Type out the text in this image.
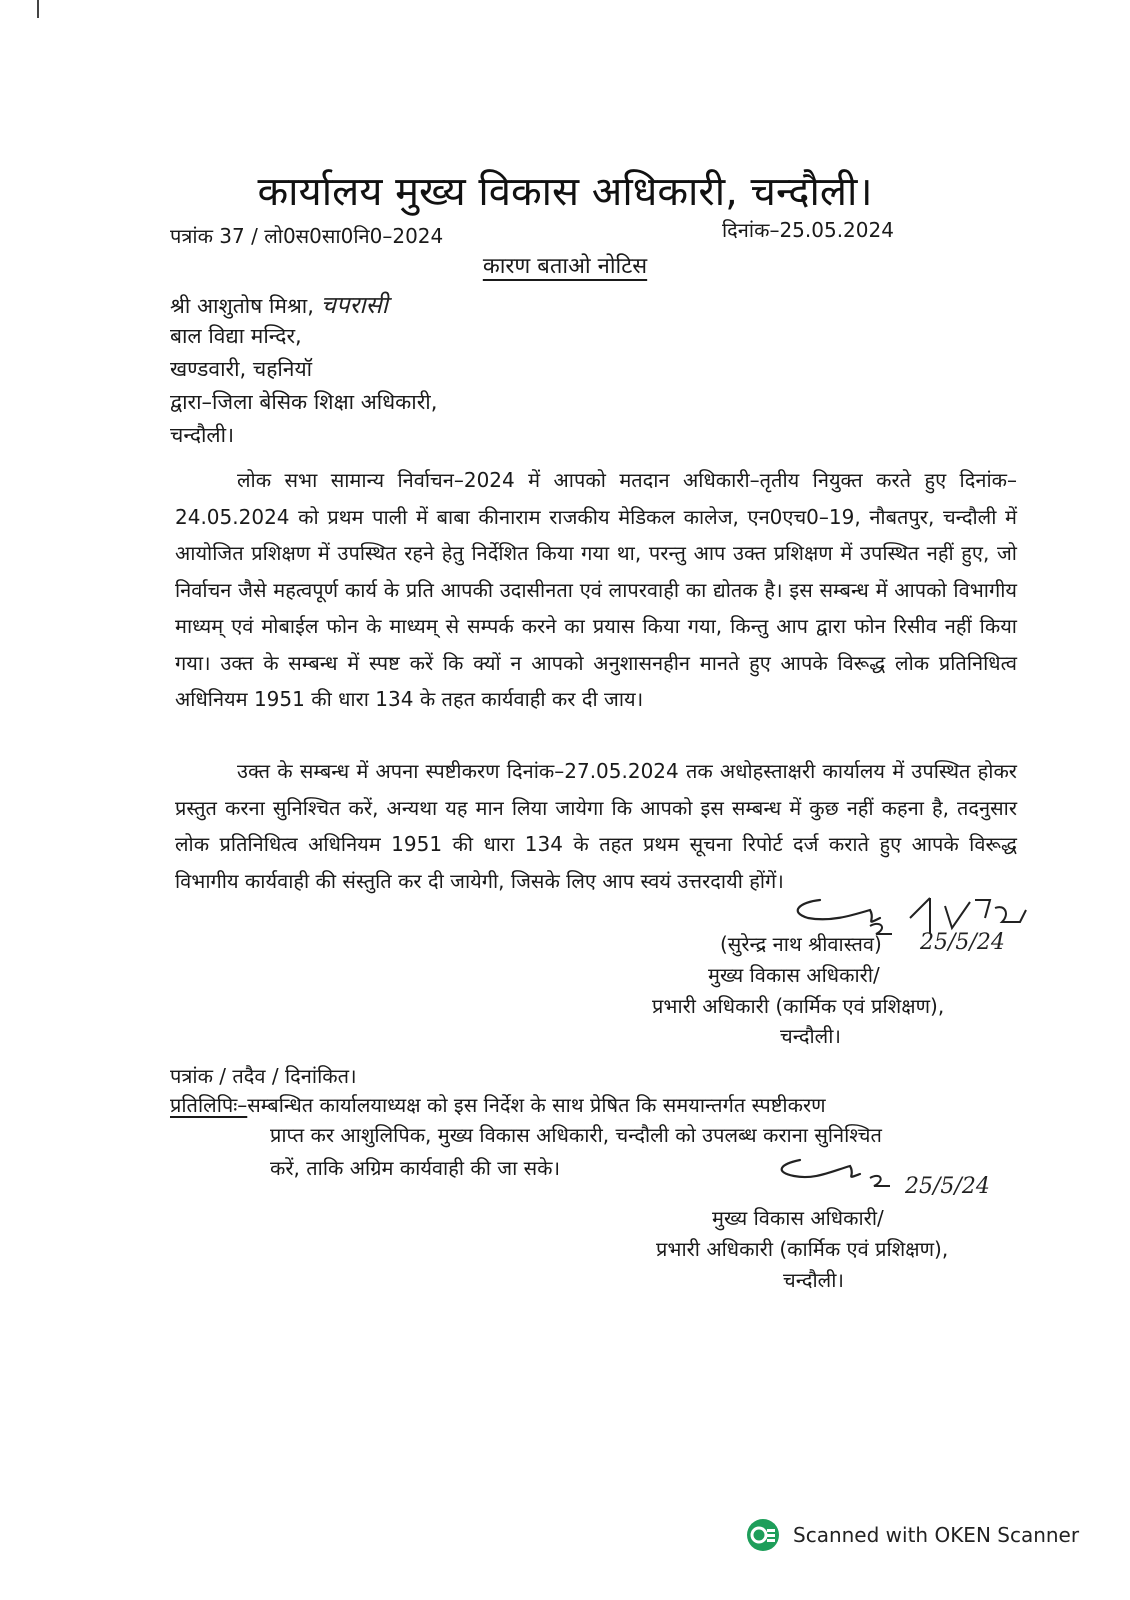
कार्यालय मुख्य विकास अधिकारी, चन्दौली।
पत्रांक 37 / लो0स0सा0नि0–2024	दिनांक–25.05.2024
कारण बताओ नोटिस
श्री आशुतोष मिश्रा, चपरासी
बाल विद्या मन्दिर,
खण्डवारी, चहनियॉ
द्वारा–जिला बेसिक शिक्षा अधिकारी,
चन्दौली।
लोक सभा सामान्य निर्वाचन–2024 में आपको मतदान अधिकारी–तृतीय नियुक्त करते हुए दिनांक–24.05.2024 को प्रथम पाली में बाबा कीनाराम राजकीय मेडिकल कालेज, एन0एच0–19, नौबतपुर, चन्दौली में आयोजित प्रशिक्षण में उपस्थित रहने हेतु निर्देशित किया गया था, परन्तु आप उक्त प्रशिक्षण में उपस्थित नहीं हुए, जो निर्वाचन जैसे महत्वपूर्ण कार्य के प्रति आपकी उदासीनता एवं लापरवाही का द्योतक है। इस सम्बन्ध में आपको विभागीय माध्यम् एवं मोबाईल फोन के माध्यम् से सम्पर्क करने का प्रयास किया गया, किन्तु आप द्वारा फोन रिसीव नहीं किया गया। उक्त के सम्बन्ध में स्पष्ट करें कि क्यों न आपको अनुशासनहीन मानते हुए आपके विरूद्ध लोक प्रतिनिधित्व अधिनियम 1951 की धारा 134 के तहत कार्यवाही कर दी जाय।
उक्त के सम्बन्ध में अपना स्पष्टीकरण दिनांक–27.05.2024 तक अधोहस्ताक्षरी कार्यालय में उपस्थित होकर प्रस्तुत करना सुनिश्चित करें, अन्यथा यह मान लिया जायेगा कि आपको इस सम्बन्ध में कुछ नहीं कहना है, तदनुसार लोक प्रतिनिधित्व अधिनियम 1951 की धारा 134 के तहत प्रथम सूचना रिपोर्ट दर्ज कराते हुए आपके विरूद्ध विभागीय कार्यवाही की संस्तुति कर दी जायेगी, जिसके लिए आप स्वयं उत्तरदायी होंगें।
(सुरेन्द्र नाथ श्रीवास्तव) 25/5/24
मुख्य विकास अधिकारी/
प्रभारी अधिकारी (कार्मिक एवं प्रशिक्षण),
चन्दौली।
पत्रांक / तदैव / दिनांकित।
प्रतिलिपिः–सम्बन्धित कार्यालयाध्यक्ष को इस निर्देश के साथ प्रेषित कि समयान्तर्गत स्पष्टीकरण
प्राप्त कर आशुलिपिक, मुख्य विकास अधिकारी, चन्दौली को उपलब्ध कराना सुनिश्चित
करें, ताकि अग्रिम कार्यवाही की जा सके।
25/5/24
मुख्य विकास अधिकारी/
प्रभारी अधिकारी (कार्मिक एवं प्रशिक्षण),
चन्दौली।
Scanned with OKEN Scanner
